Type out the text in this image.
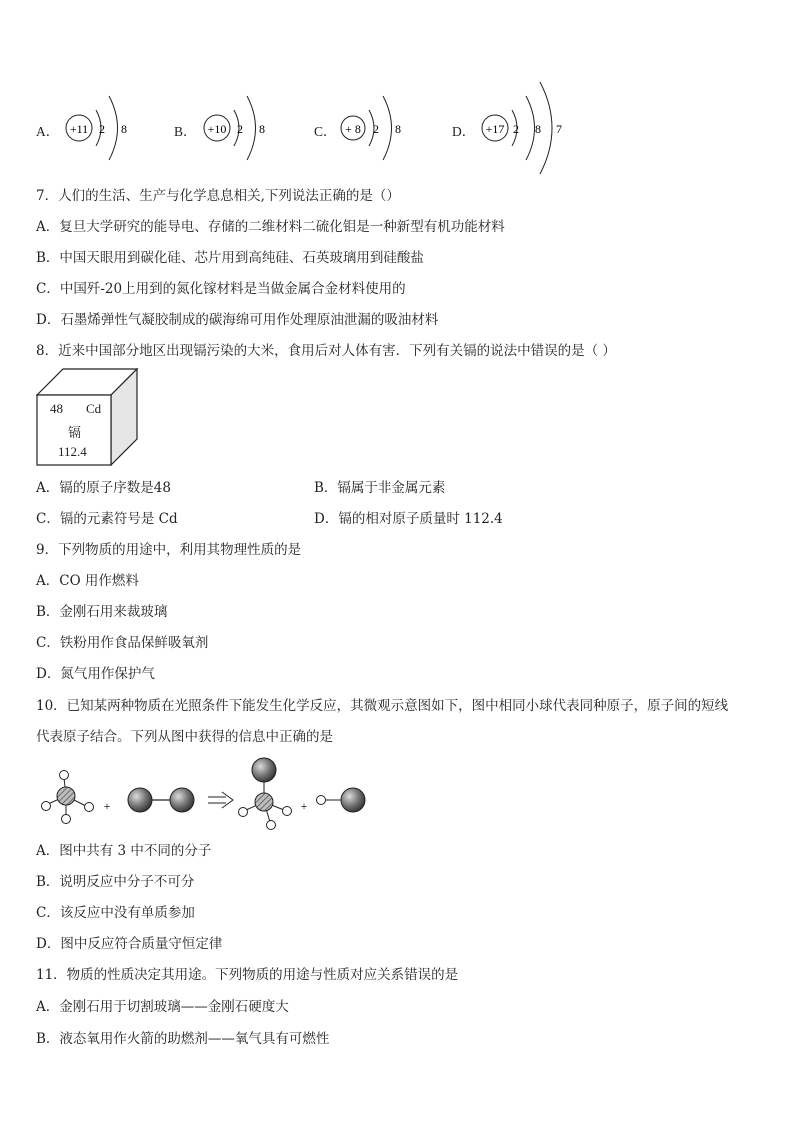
A． +11 2 8	B． +10 2 8	C． + 8 2 8	D． +17 2 8 7
7．人们的生活、生产与化学息息相关,下列说法正确的是（）
A．复旦大学研究的能导电、存储的二维材料二硫化钼是一种新型有机功能材料
B．中国天眼用到碳化硅、芯片用到高纯硅、石英玻璃用到硅酸盐
C．中国歼-20上用到的氮化镓材料是当做金属合金材料使用的
D．石墨烯弹性气凝胶制成的碳海绵可用作处理原油泄漏的吸油材料
8．近来中国部分地区出现镉污染的大米，食用后对人体有害．下列有关镉的说法中错误的是（ ）
48 Cd
镉
112.4
A．镉的原子序数是48	B．镉属于非金属元素
C．镉的元素符号是 Cd	D．镉的相对原子质量时 112.4
9．下列物质的用途中，利用其物理性质的是
A．CO 用作燃料
B．金刚石用来裁玻璃
C．铁粉用作食品保鲜吸氧剂
D．氮气用作保护气
10．已知某两种物质在光照条件下能发生化学反应，其微观示意图如下，图中相同小球代表同种原子，原子间的短线
代表原子结合。下列从图中获得的信息中正确的是
+	+
A．图中共有 3 中不同的分子
B．说明反应中分子不可分
C．该反应中没有单质参加
D．图中反应符合质量守恒定律
11．物质的性质决定其用途。下列物质的用途与性质对应关系错误的是
A．金刚石用于切割玻璃——金刚石硬度大
B．液态氧用作火箭的助燃剂——氧气具有可燃性
